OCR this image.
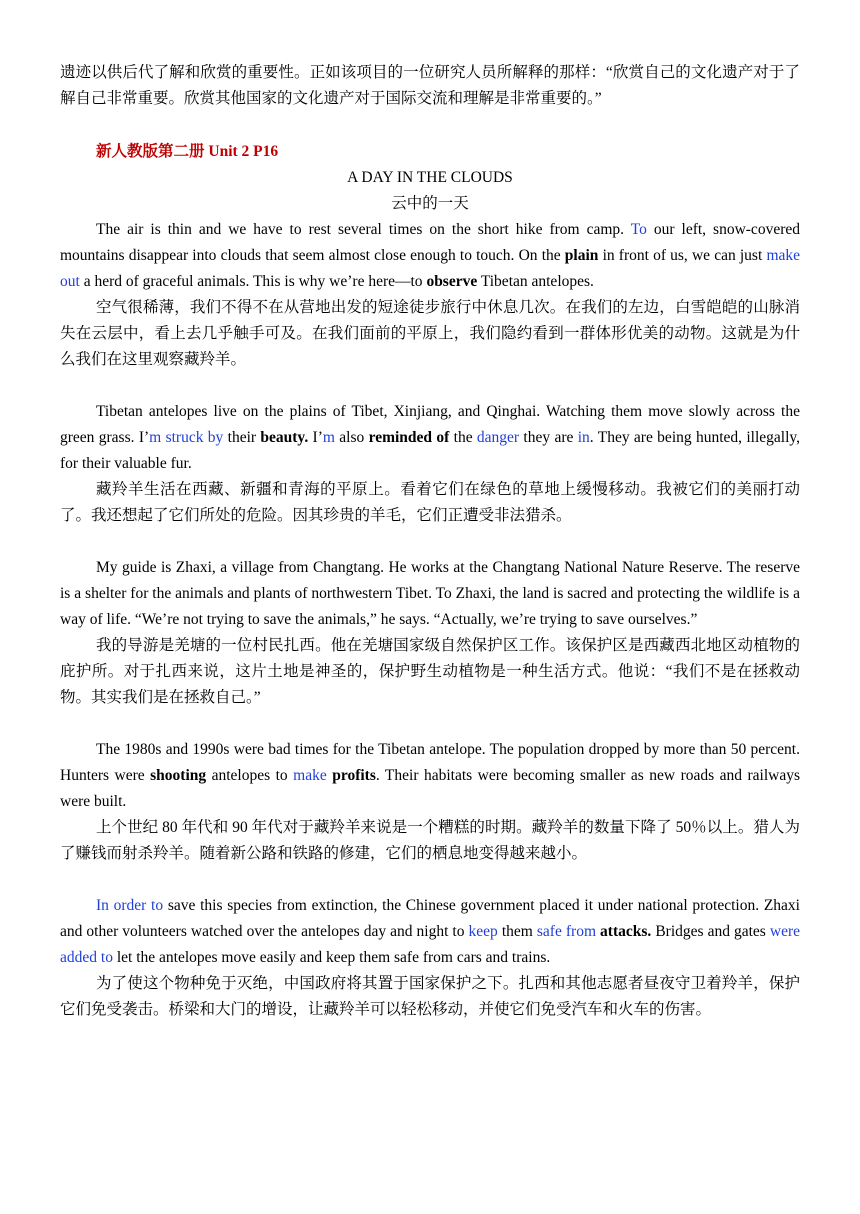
遗迹以供后代了解和欣赏的重要性。正如该项目的一位研究人员所解释的那样：“欣赏自己的文化遗产对于了解自己非常重要。欣赏其他国家的文化遗产对于国际交流和理解是非常重要的。”

新人教版第二册 Unit 2 P16

A DAY IN THE CLOUDS

云中的一天

The air is thin and we have to rest several times on the short hike from camp. To our left, snow-covered mountains disappear into clouds that seem almost close enough to touch. On the plain in front of us, we can just make out a herd of graceful animals. This is why we’re here—to observe Tibetan antelopes.

空气很稀薄，我们不得不在从营地出发的短途徒步旅行中休息几次。在我们的左边，白雪皑皑的山脉消失在云层中，看上去几乎触手可及。在我们面前的平原上，我们隐约看到一群体形优美的动物。这就是为什么我们在这里观察藏羚羊。

Tibetan antelopes live on the plains of Tibet, Xinjiang, and Qinghai. Watching them move slowly across the green grass. I’m struck by their beauty. I’m also reminded of the danger they are in. They are being hunted, illegally, for their valuable fur.

藏羚羊生活在西藏、新疆和青海的平原上。看着它们在绿色的草地上缓慢移动。我被它们的美丽打动了。我还想起了它们所处的危险。因其珍贵的羊毛，它们正遭受非法猎杀。

My guide is Zhaxi, a village from Changtang. He works at the Changtang National Nature Reserve. The reserve is a shelter for the animals and plants of northwestern Tibet. To Zhaxi, the land is sacred and protecting the wildlife is a way of life. “We’re not trying to save the animals,” he says. “Actually, we’re trying to save ourselves.”

我的导游是羌塘的一位村民扎西。他在羌塘国家级自然保护区工作。该保护区是西藏西北地区动植物的庇护所。对于扎西来说，这片土地是神圣的，保护野生动植物是一种生活方式。他说：“我们不是在拯救动物。其实我们是在拯救自己。”

The 1980s and 1990s were bad times for the Tibetan antelope. The population dropped by more than 50 percent. Hunters were shooting antelopes to make profits. Their habitats were becoming smaller as new roads and railways were built.

上个世纪 80 年代和 90 年代对于藏羚羊来说是一个糟糕的时期。藏羚羊的数量下降了 50％以上。猎人为了赚钱而射杀羚羊。随着新公路和铁路的修建，它们的栖息地变得越来越小。

In order to save this species from extinction, the Chinese government placed it under national protection. Zhaxi and other volunteers watched over the antelopes day and night to keep them safe from attacks. Bridges and gates were added to let the antelopes move easily and keep them safe from cars and trains.

为了使这个物种免于灭绝，中国政府将其置于国家保护之下。扎西和其他志愿者昼夜守卫着羚羊，保护它们免受袭击。桥梁和大门的增设，让藏羚羊可以轻松移动，并使它们免受汽车和火车的伤害。
